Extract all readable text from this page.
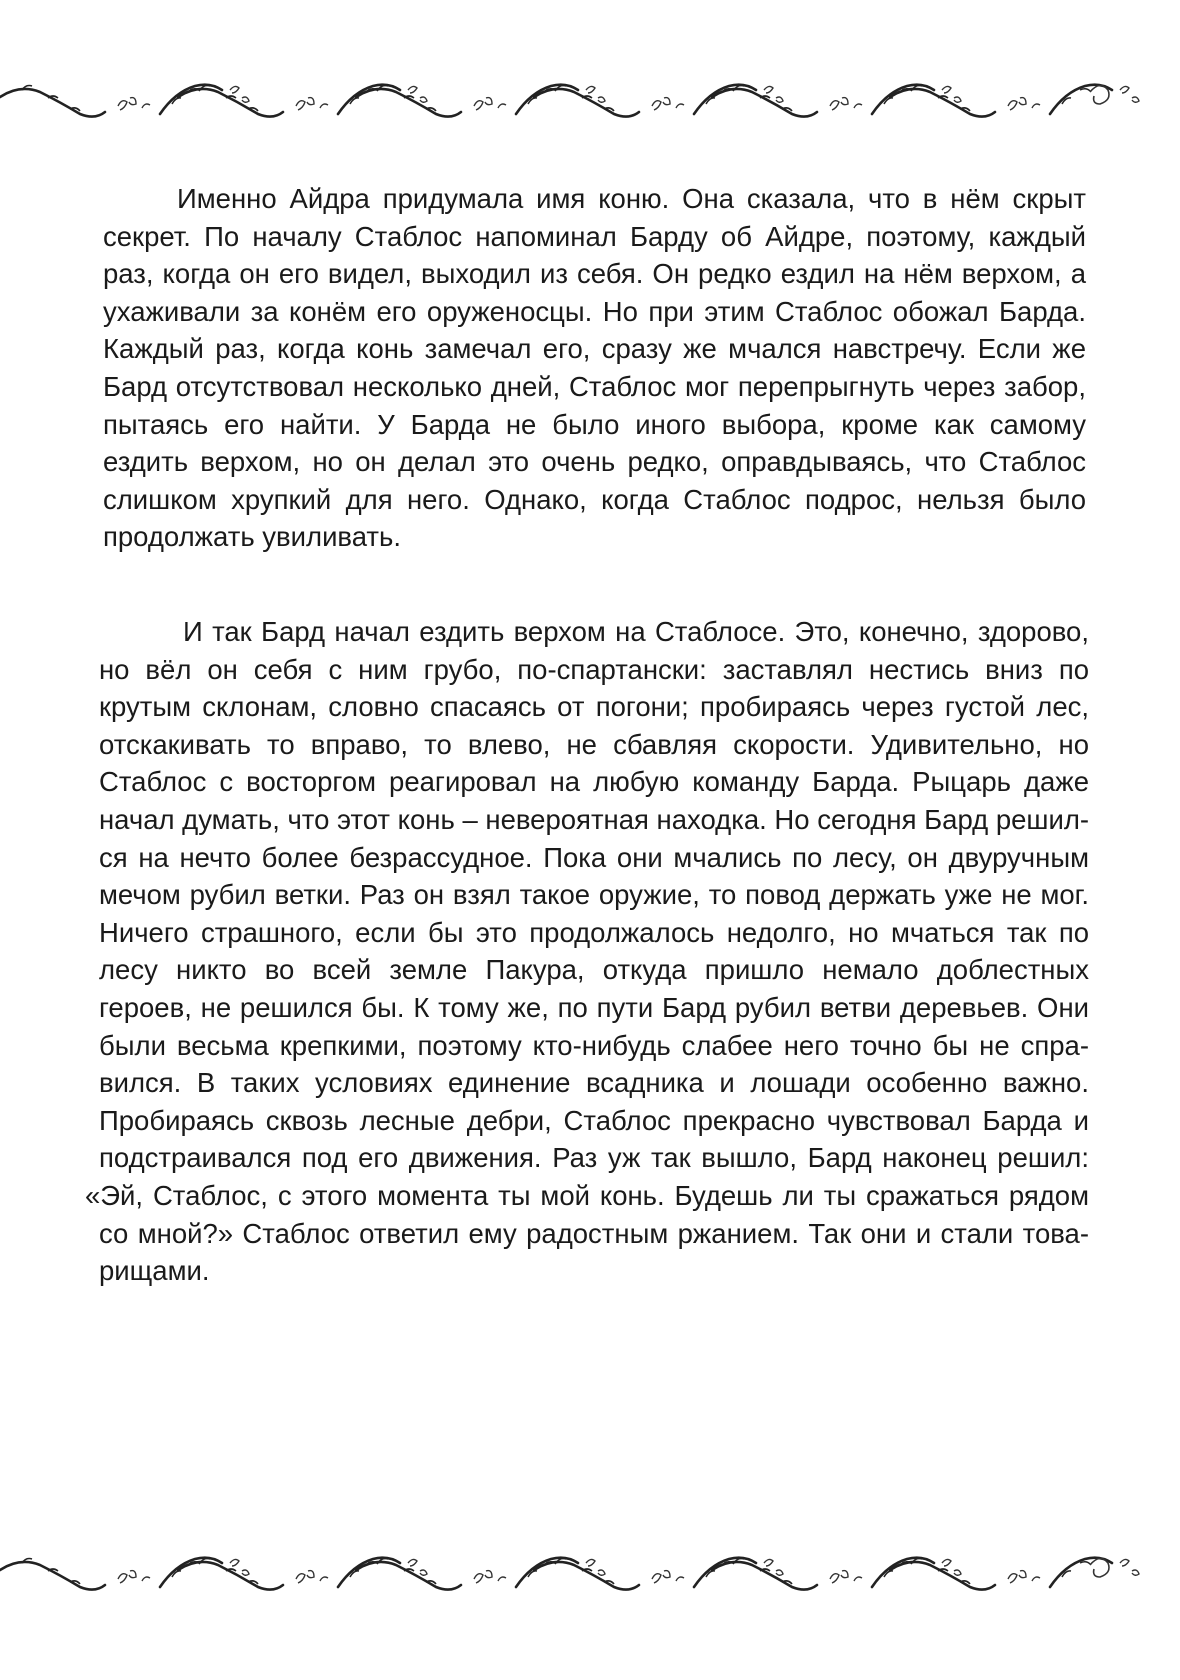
Именно Айдра придумала имя коню. Она сказала, что в нём скрыт
секрет. По началу Стаблос напоминал Барду об Айдре, поэтому, каждый
раз, когда он его видел, выходил из себя. Он редко ездил на нём верхом, а
ухаживали за конём его оруженосцы. Но при этим Стаблос обожал Барда.
Каждый раз, когда конь замечал его, сразу же мчался навстречу. Если же
Бард отсутствовал несколько дней, Стаблос мог перепрыгнуть через забор,
пытаясь его найти. У Барда не было иного выбора, кроме как самому
ездить верхом, но он делал это очень редко, оправдываясь, что Стаблос
слишком хрупкий для него. Однако, когда Стаблос подрос, нельзя было
продолжать увиливать.
И так Бард начал ездить верхом на Стаблосе. Это, конечно, здорово,
но вёл он себя с ним грубо, по-спартански: заставлял нестись вниз по
крутым склонам, словно спасаясь от погони; пробираясь через густой лес,
отскакивать то вправо, то влево, не сбавляя скорости. Удивительно, но
Стаблос с восторгом реагировал на любую команду Барда. Рыцарь даже
начал думать, что этот конь – невероятная находка. Но сегодня Бард решил-
ся на нечто более безрассудное. Пока они мчались по лесу, он двуручным
мечом рубил ветки. Раз он взял такое оружие, то повод держать уже не мог.
Ничего страшного, если бы это продолжалось недолго, но мчаться так по
лесу никто во всей земле Пакура, откуда пришло немало доблестных
героев, не решился бы. К тому же, по пути Бард рубил ветви деревьев. Они
были весьма крепкими, поэтому кто-нибудь слабее него точно бы не спра-
вился. В таких условиях единение всадника и лошади особенно важно.
Пробираясь сквозь лесные дебри, Стаблос прекрасно чувствовал Барда и
подстраивался под его движения. Раз уж так вышло, Бард наконец решил:
«Эй, Стаблос, с этого момента ты мой конь. Будешь ли ты сражаться рядом
со мной?» Стаблос ответил ему радостным ржанием. Так они и стали това-
рищами.
